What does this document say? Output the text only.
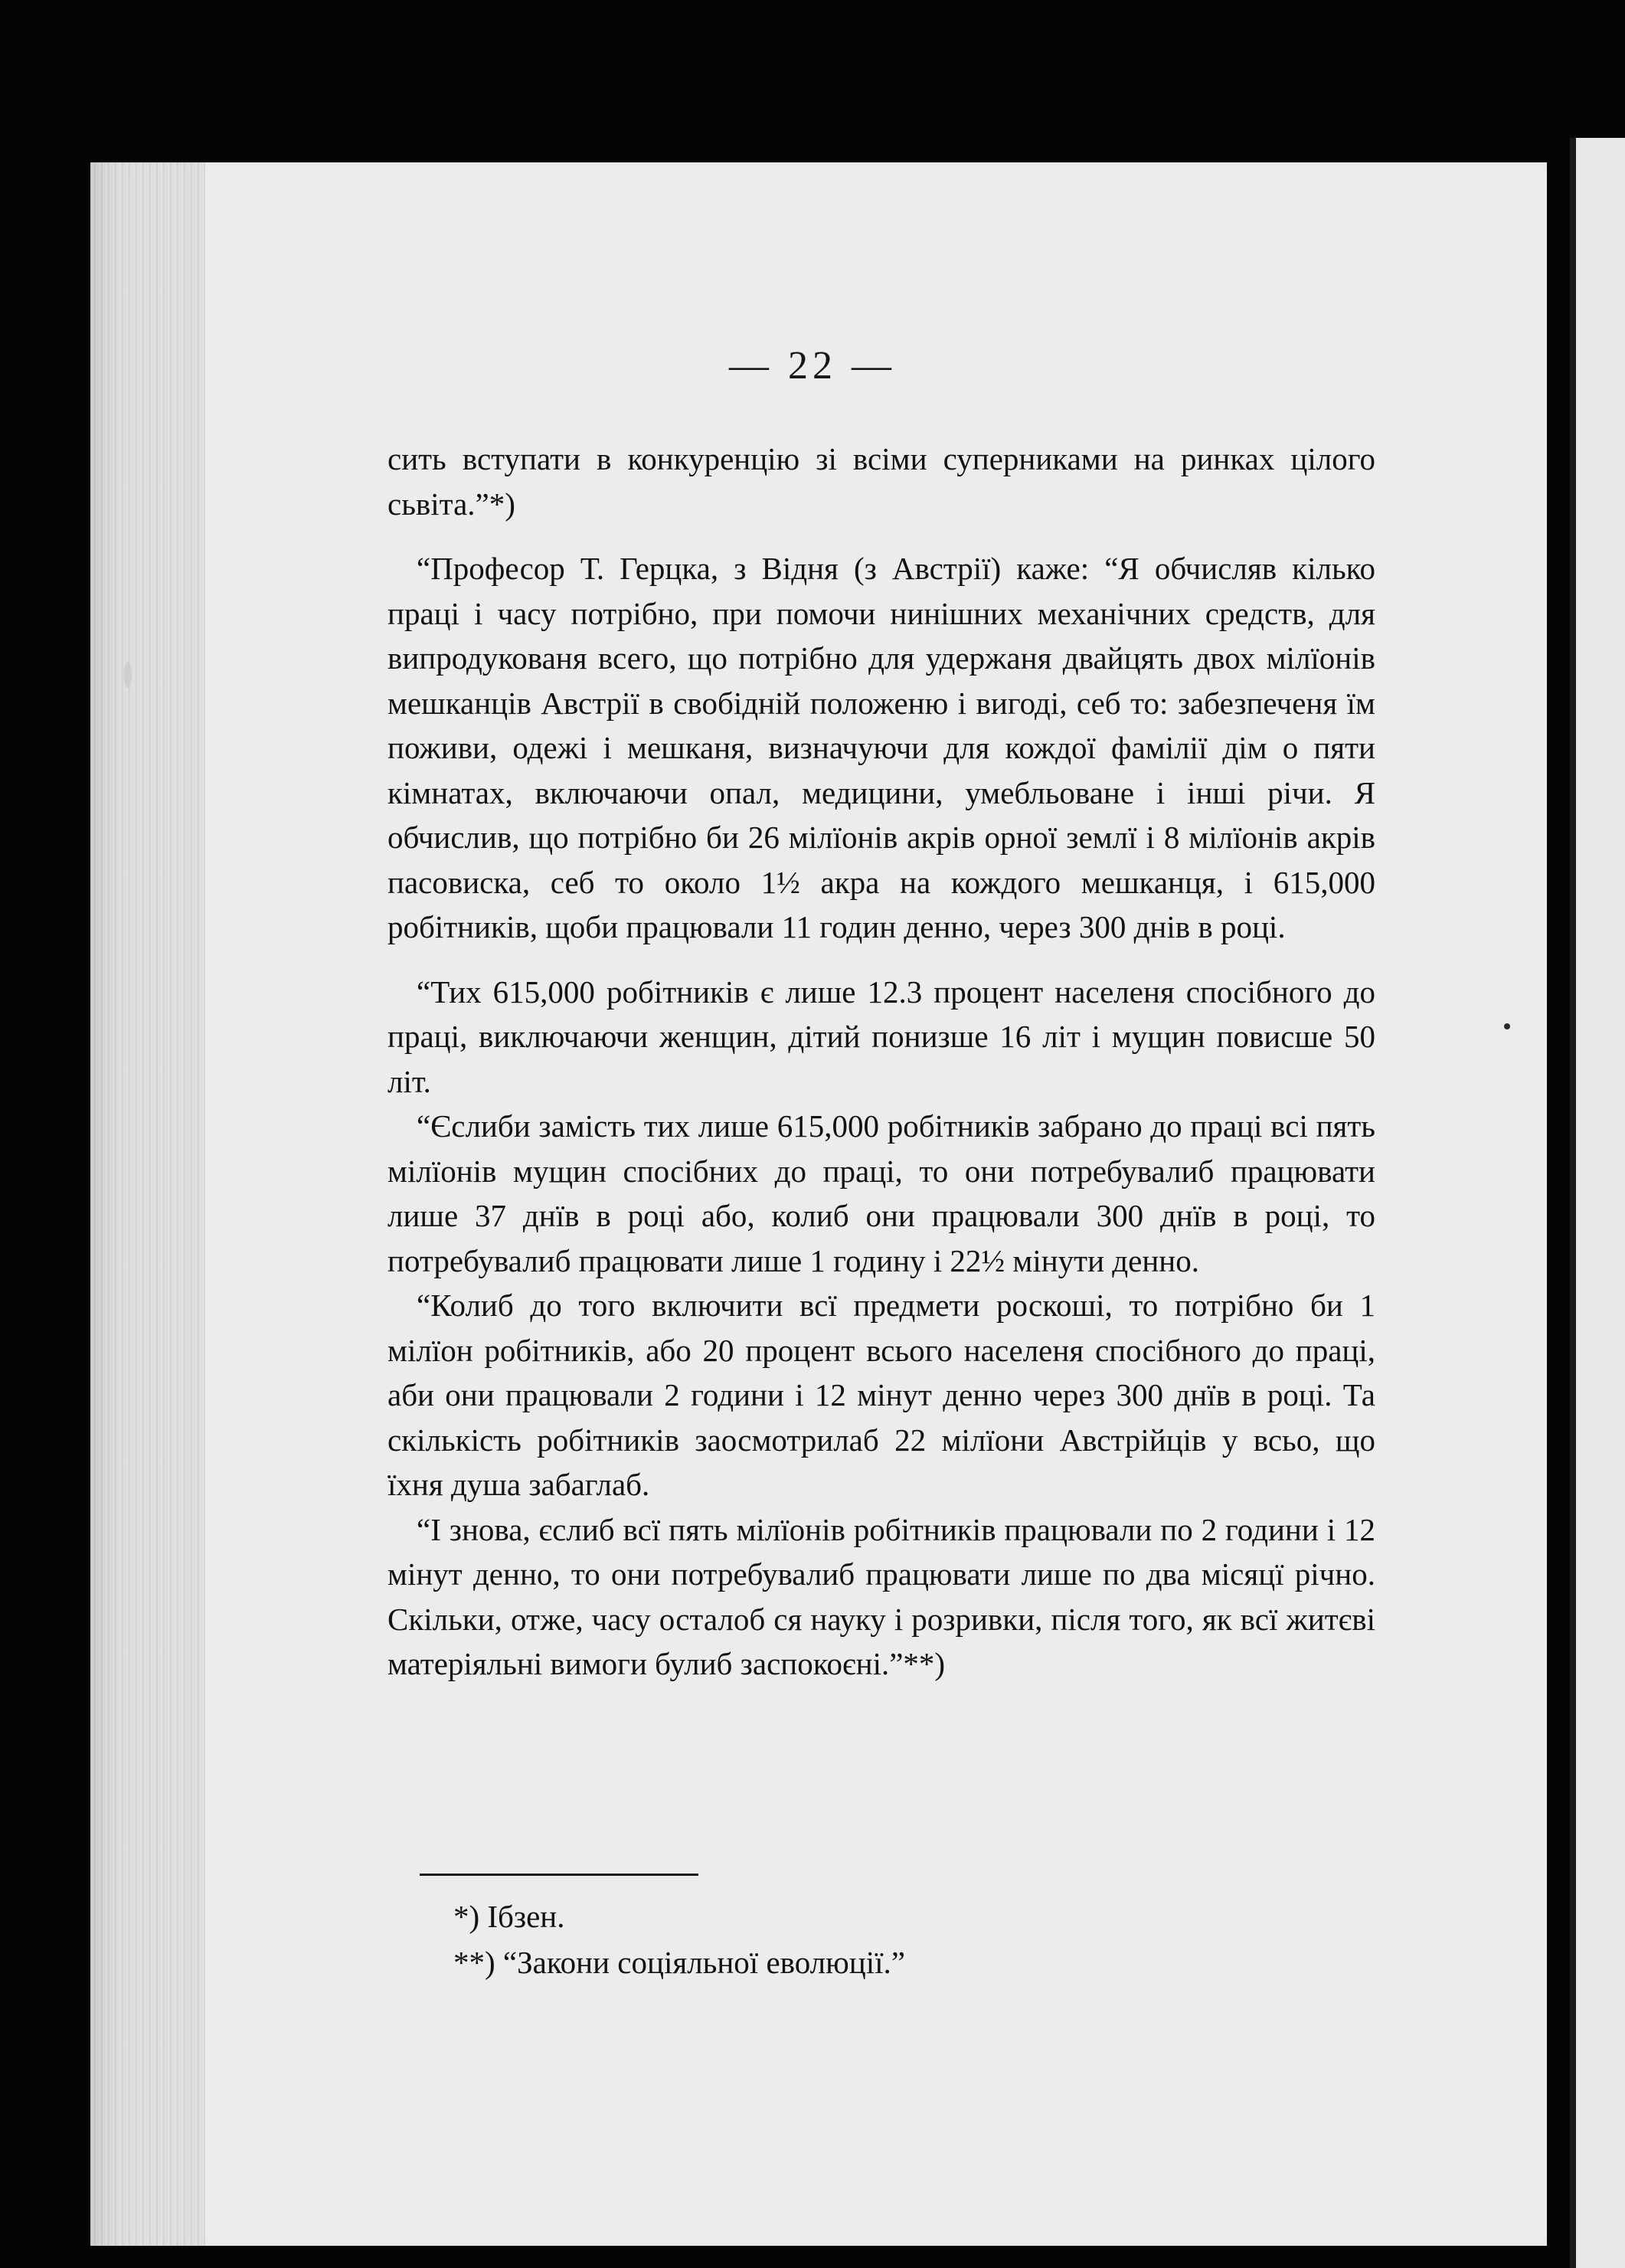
— 22 —

сить вступати в конкуренцію зі всіми суперниками на ринках цілого сьвіта.”*)

“Професор Т. Герцка, з Відня (з Австрії) каже: “Я обчисляв кілько праці і часу потрібно, при помочи нинішних механічних средств, для випродукованя всего, що потрібно для удержаня двайцять двох мілїонів мешканців Австрії в свобідній положеню і вигоді, себ то: забезпеченя їм поживи, одежі і мешканя, визначуючи для кождої фамілії дім о пяти кімнатах, включаючи опал, медицини, умебльоване і інші річи. Я обчислив, що потрібно би 26 мілїонів акрів орної землї і 8 мілїонів акрів пасовиска, себ то около 1½ акра на кождого мешканця, і 615,000 робітників, щоби працювали 11 годин денно, через 300 днів в році.

“Тих 615,000 робітників є лише 12.3 процент населеня спосібного до праці, виключаючи женщин, дітий понизше 16 літ і мущин повисше 50 літ.

“Єслиби замість тих лише 615,000 робітників забрано до праці всі пять мілїонів мущин спосібних до праці, то они потребувалиб працювати лише 37 днїв в році або, колиб они працювали 300 днїв в році, то потребувалиб працювати лише 1 годину і 22½ мінути денно.

“Колиб до того включити всї предмети роскоші, то потрібно би 1 мілїон робітників, або 20 процент всього населеня спосібного до праці, аби они працювали 2 години і 12 мінут денно через 300 днїв в році. Та скількість робітників заосмотрилаб 22 мілїони Австрійців у всьо, що їхня душа забаглаб.

“І знова, єслиб всї пять мілїонів робітників працювали по 2 години і 12 мінут денно, то они потребувалиб працювати лише по два місяцї річно. Скільки, отже, часу осталоб ся науку і розривки, після того, як всї житєві матеріяльні вимоги булиб заспокоєні.”**)

*) Ібзен.

**) “Закони соціяльної еволюції.”
